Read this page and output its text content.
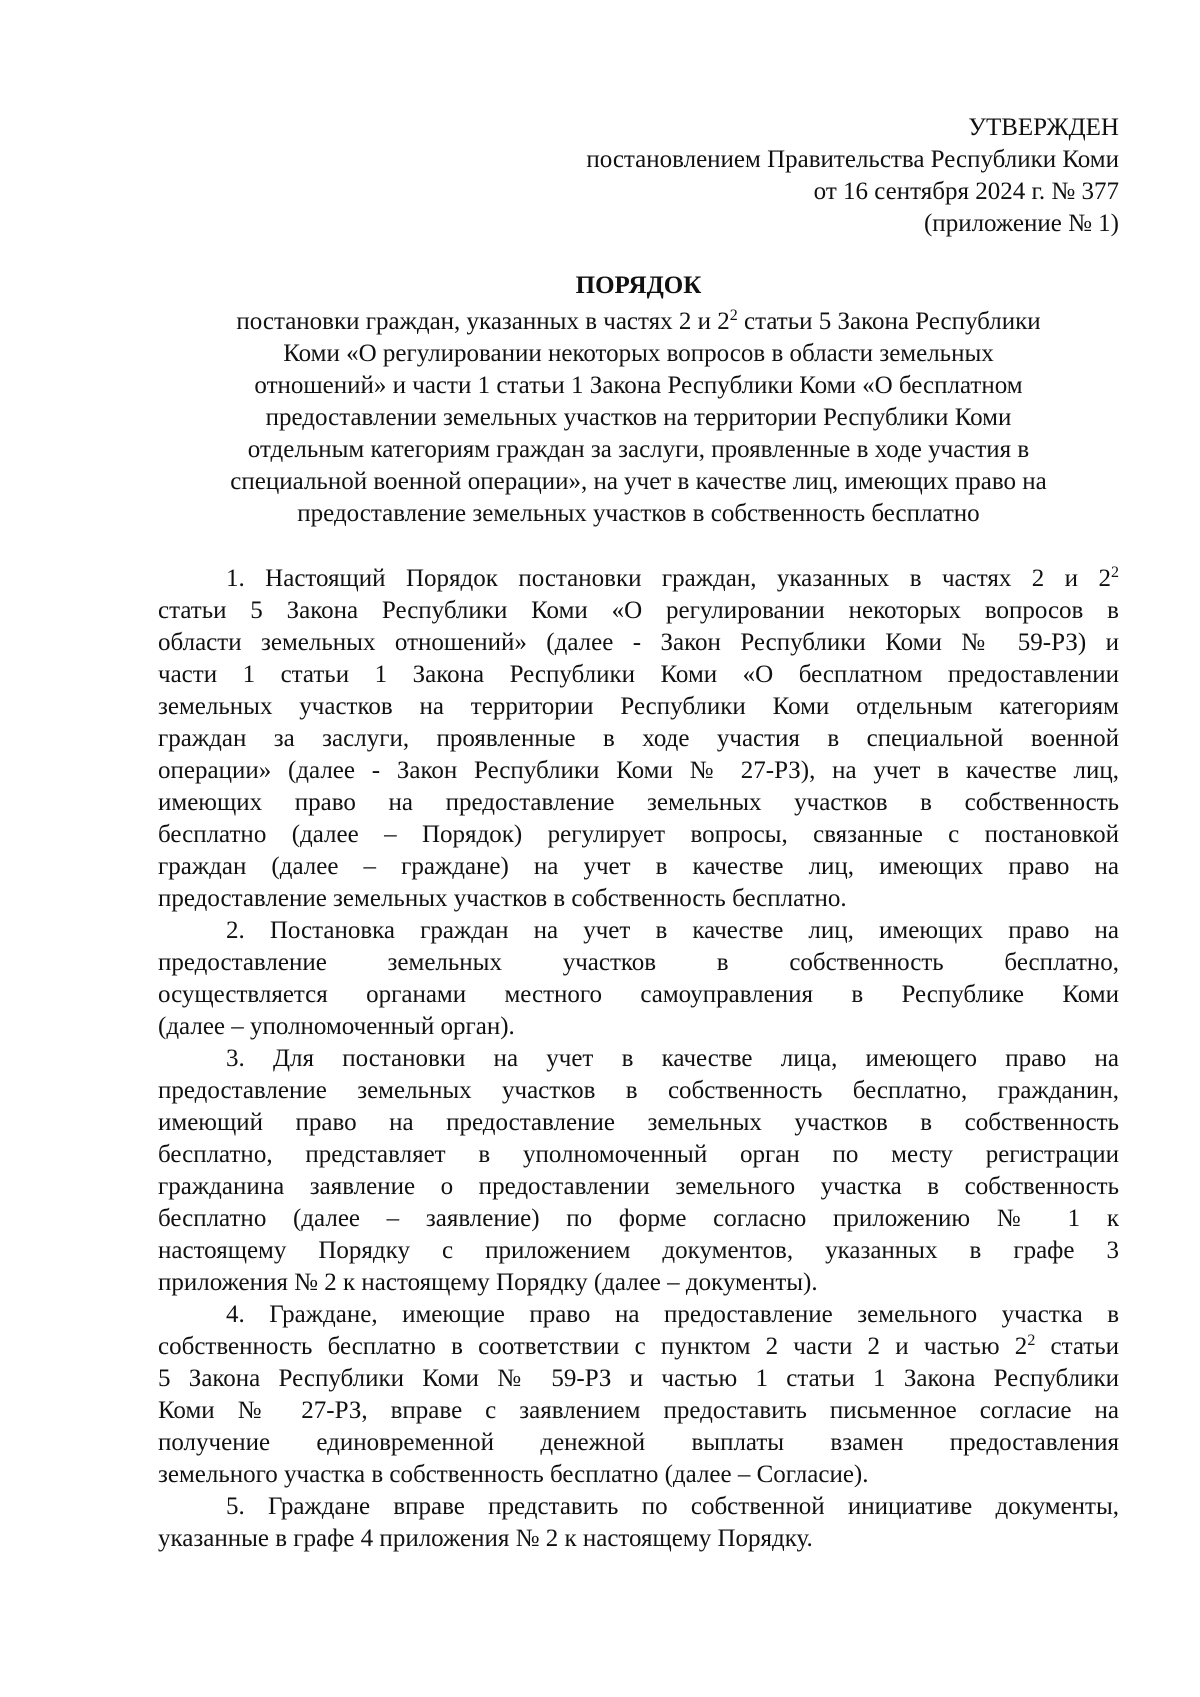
УТВЕРЖДЕН
постановлением Правительства Республики Коми
от 16 сентября 2024 г. № 377
(приложение № 1)
ПОРЯДОК
постановки граждан, указанных в частях 2 и $2^2$ статьи 5 Закона Республики
Коми «О регулировании некоторых вопросов в области земельных
отношений» и части 1 статьи 1 Закона Республики Коми «О бесплатном
предоставлении земельных участков на территории Республики Коми
отдельным категориям граждан за заслуги, проявленные в ходе участия в
специальной военной операции», на учет в качестве лиц, имеющих право на
предоставление земельных участков в собственность бесплатно
1. Настоящий Порядок постановки граждан, указанных в частях 2 и $2^2$
статьи 5 Закона Республики Коми «О регулировании некоторых вопросов в
области земельных отношений» (далее - Закон Республики Коми № 59-РЗ) и
части 1 статьи 1 Закона Республики Коми «О бесплатном предоставлении
земельных участков на территории Республики Коми отдельным категориям
граждан за заслуги, проявленные в ходе участия в специальной военной
операции» (далее - Закон Республики Коми № 27-РЗ), на учет в качестве лиц,
имеющих право на предоставление земельных участков в собственность
бесплатно (далее – Порядок) регулирует вопросы, связанные с постановкой
граждан (далее – граждане) на учет в качестве лиц, имеющих право на
предоставление земельных участков в собственность бесплатно.
2. Постановка граждан на учет в качестве лиц, имеющих право на
предоставление земельных участков в собственность бесплатно,
осуществляется органами местного самоуправления в Республике Коми
(далее – уполномоченный орган).
3. Для постановки на учет в качестве лица, имеющего право на
предоставление земельных участков в собственность бесплатно, гражданин,
имеющий право на предоставление земельных участков в собственность
бесплатно, представляет в уполномоченный орган по месту регистрации
гражданина заявление о предоставлении земельного участка в собственность
бесплатно (далее – заявление) по форме согласно приложению № 1 к
настоящему Порядку с приложением документов, указанных в графе 3
приложения № 2 к настоящему Порядку (далее – документы).
4. Граждане, имеющие право на предоставление земельного участка в
собственность бесплатно в соответствии с пунктом 2 части 2 и частью $2^2$ статьи
5 Закона Республики Коми № 59-РЗ и частью 1 статьи 1 Закона Республики
Коми № 27-РЗ, вправе с заявлением предоставить письменное согласие на
получение единовременной денежной выплаты взамен предоставления
земельного участка в собственность бесплатно (далее – Согласие).
5. Граждане вправе представить по собственной инициативе документы,
указанные в графе 4 приложения № 2 к настоящему Порядку.
